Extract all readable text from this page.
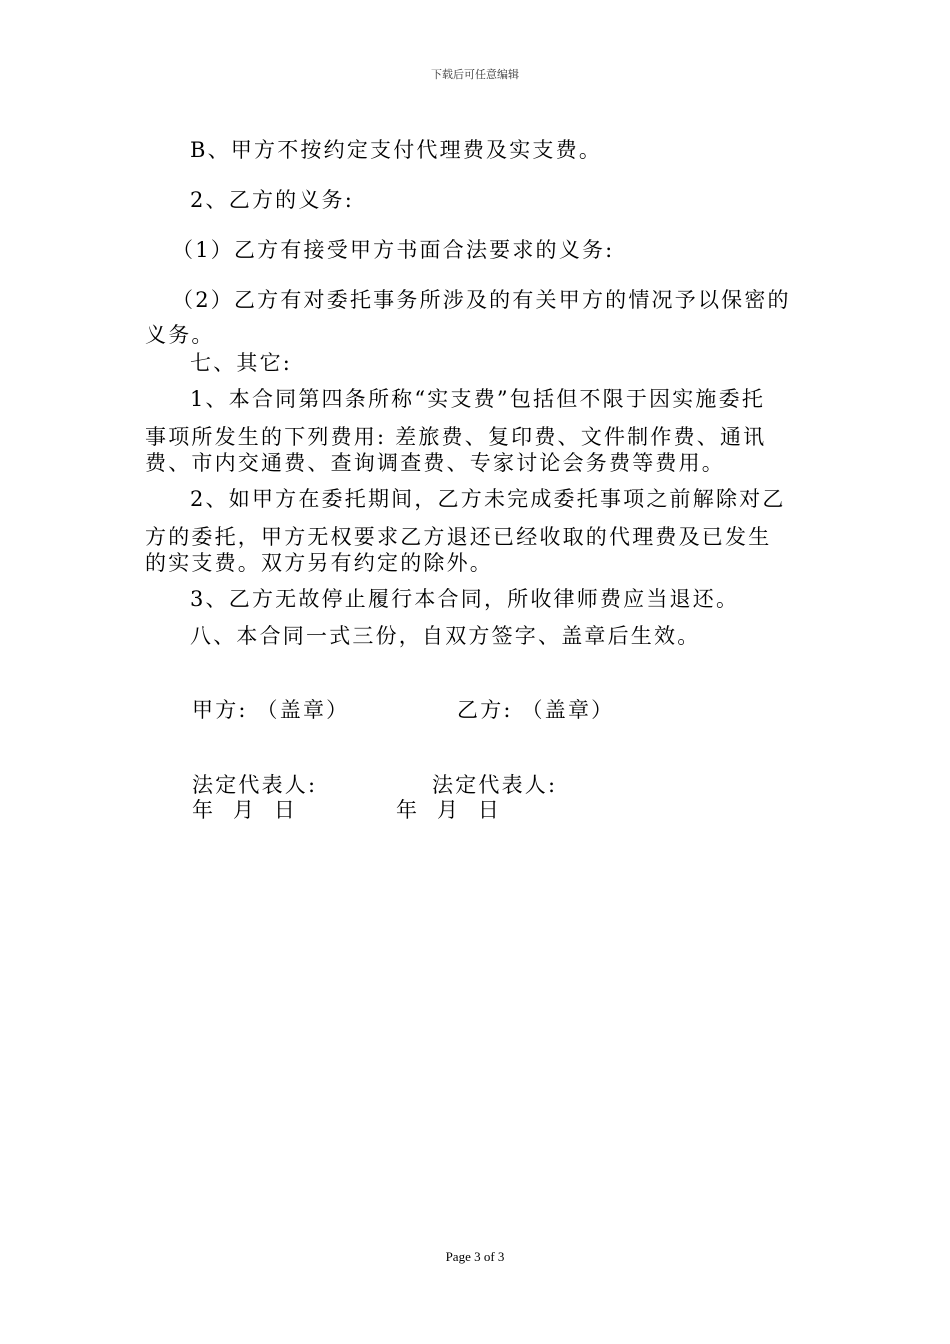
下载后可任意编辑
B、甲方不按约定支付代理费及实支费。
2、乙方的义务:
（1）乙方有接受甲方书面合法要求的义务:
（2）乙方有对委托事务所涉及的有关甲方的情况予以保密的
义务。
七、其它:
1、本合同第四条所称“实支费”包括但不限于因实施委托
事项所发生的下列费用: 差旅费、复印费、文件制作费、通讯
费、市内交通费、查询调查费、专家讨论会务费等费用。
2、如甲方在委托期间，乙方未完成委托事项之前解除对乙
方的委托，甲方无权要求乙方退还已经收取的代理费及已发生
的实支费。双方另有约定的除外。
3、乙方无故停止履行本合同，所收律师费应当退还。
八、本合同一式三份，自双方签字、盖章后生效。
甲方: （盖章）	乙方: （盖章）
法定代表人:	法定代表人:
年  月  日	年  月  日
Page 3 of 3
